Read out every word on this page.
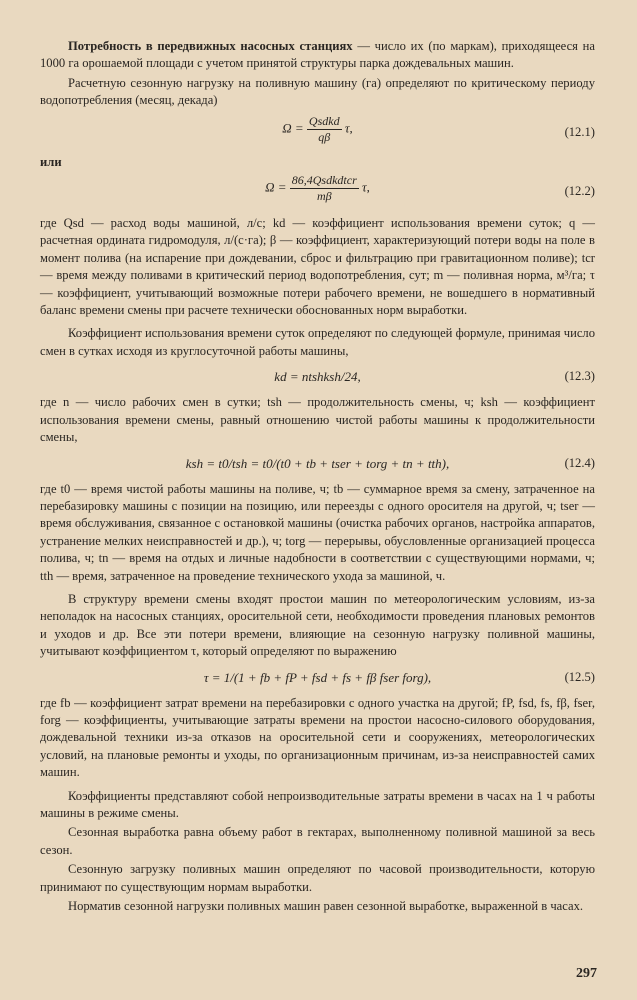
Потребность в передвижных насосных станциях — число их (по маркам), приходящееся на 1000 га орошаемой площади с учетом принятой структуры парка дождевальных машин.

Расчетную сезонную нагрузку на поливную машину (га) определяют по критическому периоду водопотребления (месяц, декада)

$\Omega = \frac{\text{Qsdkd}}{q\beta} \tau$,	(12.1)

или

$\Omega = \frac{\text{86,4Qsdkdtcr}}{m\beta} \tau$,	(12.2)

где Qsd — расход воды машиной, л/с; kd — коэффициент использования времени суток; q — расчетная ордината гидромодуля, л/(с·га); β — коэффициент, характеризующий потери воды на поле в момент полива (на испарение при дождевании, сброс и фильтрацию при гравитационном поливе); tcr — время между поливами в критический период водопотребления, сут; m — поливная норма, м³/га; τ — коэффициент, учитывающий возможные потери рабочего времени, не вошедшего в нормативный баланс времени смены при расчете технически обоснованных норм выработки.

Коэффициент использования времени суток определяют по следующей формуле, принимая число смен в сутках исходя из круглосуточной работы машины,

kd = ntshksh/24,	(12.3)

где n — число рабочих смен в сутки; tsh — продолжительность смены, ч; ksh — коэффициент использования времени смены, равный отношению чистой работы машины к продолжительности смены,

ksh = t0/tsh = t0/(t0 + tb + tser + torg + tn + tth),	(12.4)

где t0 — время чистой работы машины на поливе, ч; tb — суммарное время за смену, затраченное на перебазировку машины с позиции на позицию, или переезды с одного оросителя на другой, ч; tser — время обслуживания, связанное с остановкой машины (очистка рабочих органов, настройка аппаратов, устранение мелких неисправностей и др.), ч; torg — перерывы, обусловленные организацией процесса полива, ч; tn — время на отдых и личные надобности в соответствии с существующими нормами, ч; tth — время, затраченное на проведение технического ухода за машиной, ч.

В структуру времени смены входят простои машин по метеорологическим условиям, из-за неполадок на насосных станциях, оросительной сети, необходимости проведения плановых ремонтов и уходов и др. Все эти потери времени, влияющие на сезонную нагрузку поливной машины, учитывают коэффициентом τ, который определяют по выражению

τ = 1/(1 + fb + fP + fsd + fs + fβ fser forg),	(12.5)

где fb — коэффициент затрат времени на перебазировки с одного участка на другой; fP, fsd, fs, fβ, fser, forg — коэффициенты, учитывающие затраты времени на простои насосно-силового оборудования, дождевальной техники из-за отказов на оросительной сети и сооружениях, метеорологических условий, на плановые ремонты и уходы, по организационным причинам, из-за неисправностей самих машин.

Коэффициенты представляют собой непроизводительные затраты времени в часах на 1 ч работы машины в режиме смены.

Сезонная выработка равна объему работ в гектарах, выполненному поливной машиной за весь сезон.

Сезонную загрузку поливных машин определяют по часовой производительности, которую принимают по существующим нормам выработки.

Норматив сезонной нагрузки поливных машин равен сезонной выработке, выраженной в часах.

297
